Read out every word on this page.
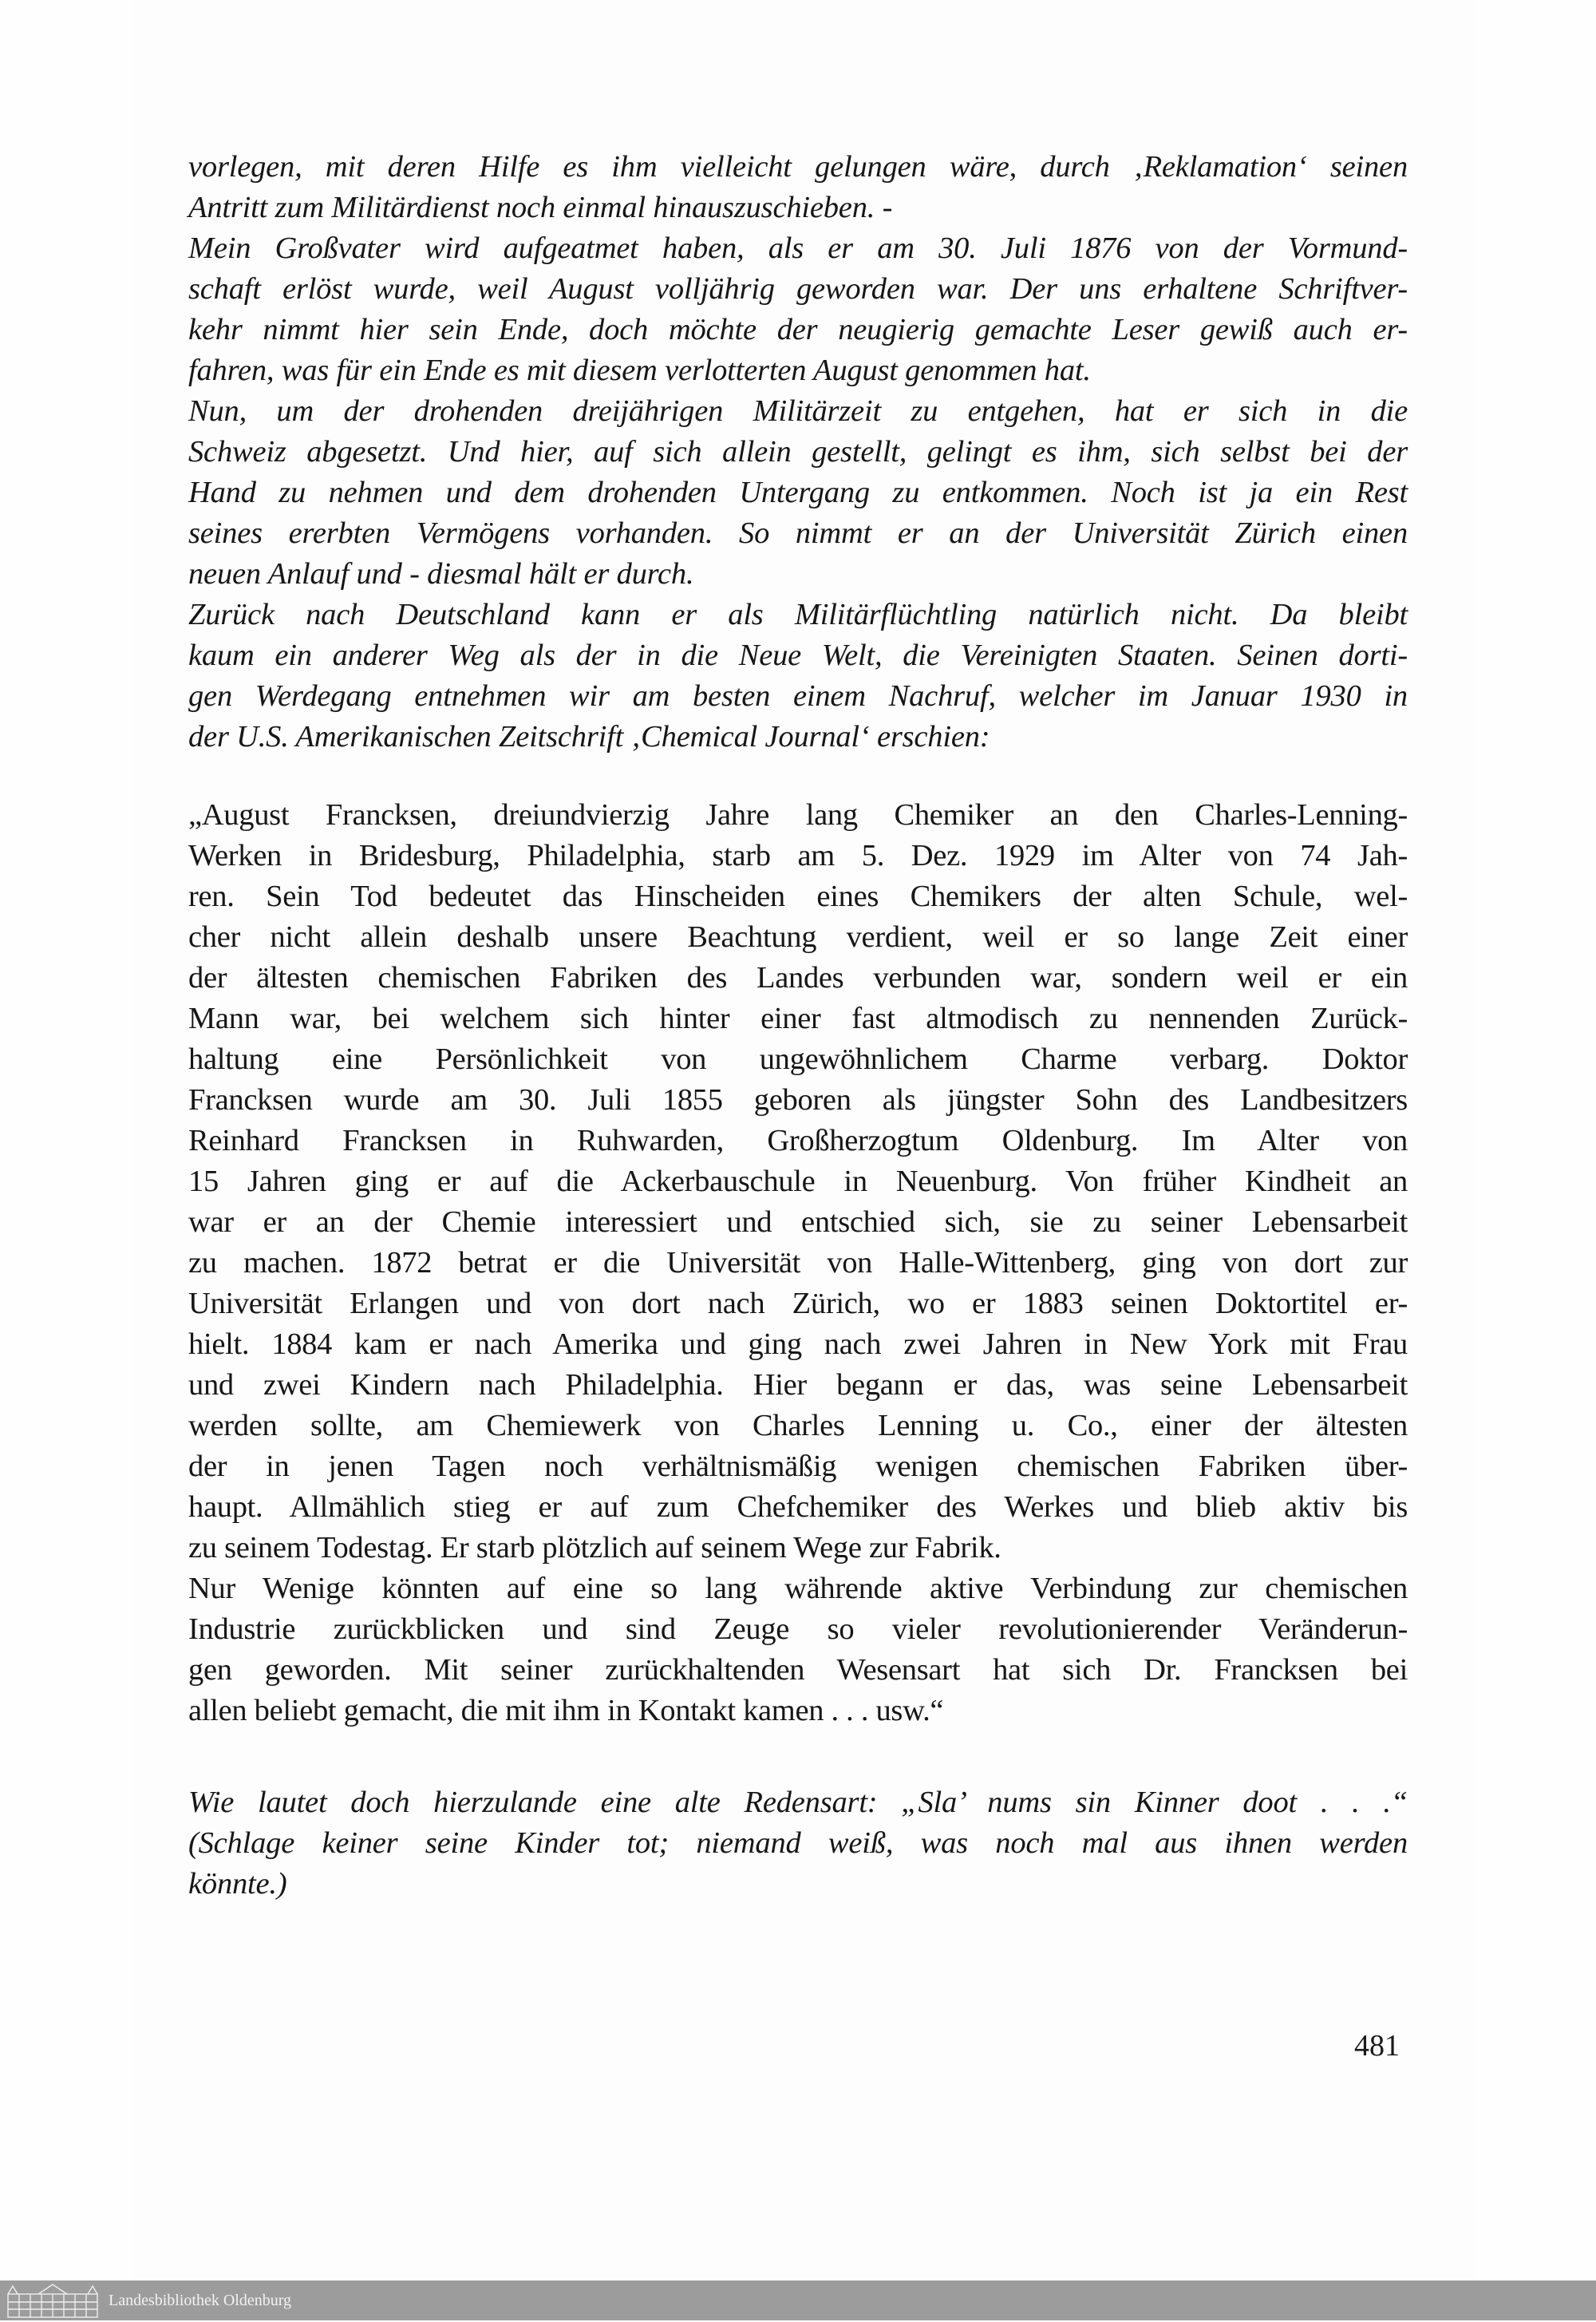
vorlegen, mit deren Hilfe es ihm vielleicht gelungen wäre, durch ‚Reklamation‘ seinen
Antritt zum Militärdienst noch einmal hinauszuschieben. -
Mein Großvater wird aufgeatmet haben, als er am 30. Juli 1876 von der Vormund-
schaft erlöst wurde, weil August volljährig geworden war. Der uns erhaltene Schriftver-
kehr nimmt hier sein Ende, doch möchte der neugierig gemachte Leser gewiß auch er-
fahren, was für ein Ende es mit diesem verlotterten August genommen hat.
Nun, um der drohenden dreijährigen Militärzeit zu entgehen, hat er sich in die
Schweiz abgesetzt. Und hier, auf sich allein gestellt, gelingt es ihm, sich selbst bei der
Hand zu nehmen und dem drohenden Untergang zu entkommen. Noch ist ja ein Rest
seines ererbten Vermögens vorhanden. So nimmt er an der Universität Zürich einen
neuen Anlauf und - diesmal hält er durch.
Zurück nach Deutschland kann er als Militärflüchtling natürlich nicht. Da bleibt
kaum ein anderer Weg als der in die Neue Welt, die Vereinigten Staaten. Seinen dorti-
gen Werdegang entnehmen wir am besten einem Nachruf, welcher im Januar 1930 in
der U.S. Amerikanischen Zeitschrift ‚Chemical Journal‘ erschien:
„August Francksen, dreiundvierzig Jahre lang Chemiker an den Charles-Lenning-
Werken in Bridesburg, Philadelphia, starb am 5. Dez. 1929 im Alter von 74 Jah-
ren. Sein Tod bedeutet das Hinscheiden eines Chemikers der alten Schule, wel-
cher nicht allein deshalb unsere Beachtung verdient, weil er so lange Zeit einer
der ältesten chemischen Fabriken des Landes verbunden war, sondern weil er ein
Mann war, bei welchem sich hinter einer fast altmodisch zu nennenden Zurück-
haltung eine Persönlichkeit von ungewöhnlichem Charme verbarg. Doktor
Francksen wurde am 30. Juli 1855 geboren als jüngster Sohn des Landbesitzers
Reinhard Francksen in Ruhwarden, Großherzogtum Oldenburg. Im Alter von
15 Jahren ging er auf die Ackerbauschule in Neuenburg. Von früher Kindheit an
war er an der Chemie interessiert und entschied sich, sie zu seiner Lebensarbeit
zu machen. 1872 betrat er die Universität von Halle-Wittenberg, ging von dort zur
Universität Erlangen und von dort nach Zürich, wo er 1883 seinen Doktortitel er-
hielt. 1884 kam er nach Amerika und ging nach zwei Jahren in New York mit Frau
und zwei Kindern nach Philadelphia. Hier begann er das, was seine Lebensarbeit
werden sollte, am Chemiewerk von Charles Lenning u. Co., einer der ältesten
der in jenen Tagen noch verhältnismäßig wenigen chemischen Fabriken über-
haupt. Allmählich stieg er auf zum Chefchemiker des Werkes und blieb aktiv bis
zu seinem Todestag. Er starb plötzlich auf seinem Wege zur Fabrik.
Nur Wenige könnten auf eine so lang währende aktive Verbindung zur chemischen
Industrie zurückblicken und sind Zeuge so vieler revolutionierender Veränderun-
gen geworden. Mit seiner zurückhaltenden Wesensart hat sich Dr. Francksen bei
allen beliebt gemacht, die mit ihm in Kontakt kamen . . . usw.“
Wie lautet doch hierzulande eine alte Redensart: „Sla’ nums sin Kinner doot . . .“
(Schlage keiner seine Kinder tot; niemand weiß, was noch mal aus ihnen werden
könnte.)
481
Landesbibliothek Oldenburg
